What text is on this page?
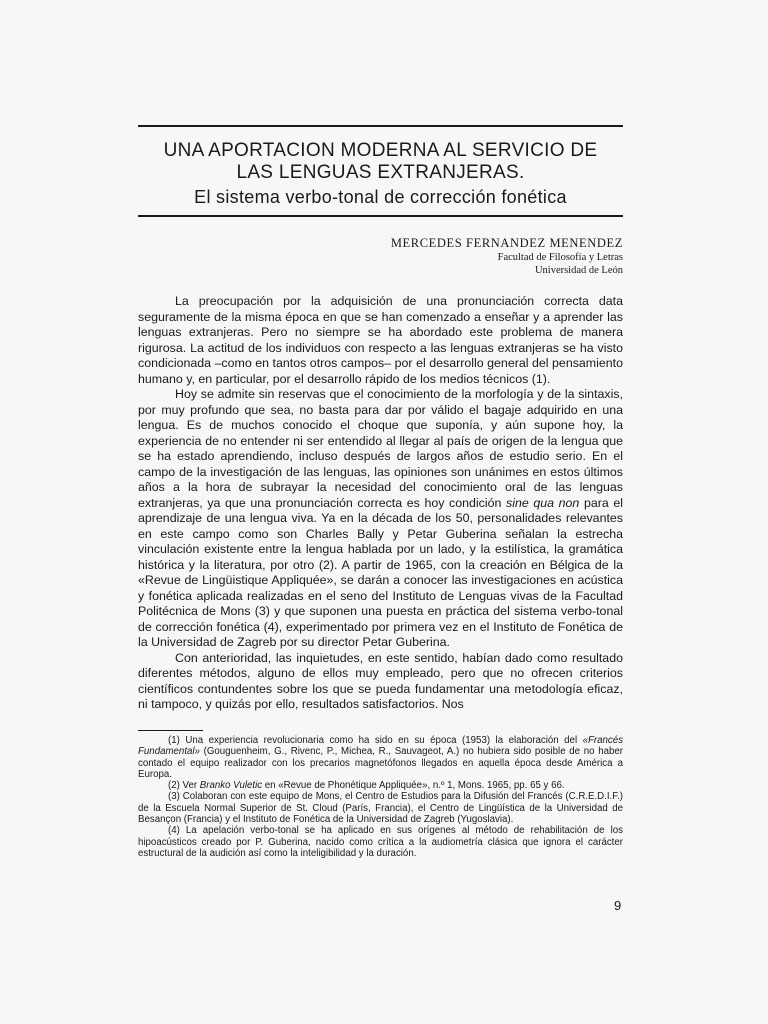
UNA APORTACION MODERNA AL SERVICIO DE
LAS LENGUAS EXTRANJERAS.
El sistema verbo-tonal de corrección fonética
MERCEDES FERNANDEZ MENENDEZ
Facultad de Filosofía y Letras
Universidad de León

La preocupación por la adquisición de una pronunciación correcta data seguramente de la misma época en que se han comenzado a enseñar y a aprender las lenguas extranjeras. Pero no siempre se ha abordado este problema de manera rigurosa. La actitud de los individuos con respecto a las lenguas extranjeras se ha visto condicionada –como en tantos otros campos– por el desarrollo general del pensamiento humano y, en particular, por el desarrollo rápido de los medios técnicos (1).

Hoy se admite sin reservas que el conocimiento de la morfología y de la sintaxis, por muy profundo que sea, no basta para dar por válido el bagaje adquirido en una lengua. Es de muchos conocido el choque que suponía, y aún supone hoy, la experiencia de no entender ni ser entendido al llegar al país de origen de la lengua que se ha estado aprendiendo, incluso después de largos años de estudio serio. En el campo de la investigación de las lenguas, las opiniones son unánimes en estos últimos años a la hora de subrayar la necesidad del conocimiento oral de las lenguas extranjeras, ya que una pronunciación correcta es hoy condición sine qua non para el aprendizaje de una lengua viva. Ya en la década de los 50, personalidades relevantes en este campo como son Charles Bally y Petar Guberina señalan la estrecha vinculación existente entre la lengua hablada por un lado, y la estilística, la gramática histórica y la literatura, por otro (2). A partir de 1965, con la creación en Bélgica de la «Revue de Lingüistique Appliquée», se darán a conocer las investigaciones en acústica y fonética aplicada realizadas en el seno del Instituto de Lenguas vivas de la Facultad Politécnica de Mons (3) y que suponen una puesta en práctica del sistema verbo-tonal de corrección fonética (4), experimentado por primera vez en el Instituto de Fonética de la Universidad de Zagreb por su director Petar Guberina.

Con anterioridad, las inquietudes, en este sentido, habían dado como resultado diferentes métodos, alguno de ellos muy empleado, pero que no ofrecen criterios científicos contundentes sobre los que se pueda fundamentar una metodología eficaz, ni tampoco, y quizás por ello, resultados satisfactorios. Nos

(1) Una experiencia revolucionaria como ha sido en su época (1953) la elaboración del «Francés Fundamental» (Gouguenheim, G., Rivenc, P., Michea, R., Sauvageot, A.) no hubiera sido posible de no haber contado el equipo realizador con los precarios magnetófonos llegados en aquella época desde América a Europa.

(2) Ver Branko Vuletic en «Revue de Phonétique Appliquée», n.º 1, Mons. 1965, pp. 65 y 66.

(3) Colaboran con este equipo de Mons, el Centro de Estudios para la Difusión del Francés (C.R.E.D.I.F.) de la Escuela Normal Superior de St. Cloud (París, Francia), el Centro de Lingüística de la Universidad de Besançon (Francia) y el Instituto de Fonética de la Universidad de Zagreb (Yugoslavia).

(4) La apelación verbo-tonal se ha aplicado en sus orígenes al método de rehabilitación de los hipoacústicos creado por P. Guberina, nacido como crítica a la audiometría clásica que ignora el carácter estructural de la audición así como la inteligibilidad y la duración.

9
